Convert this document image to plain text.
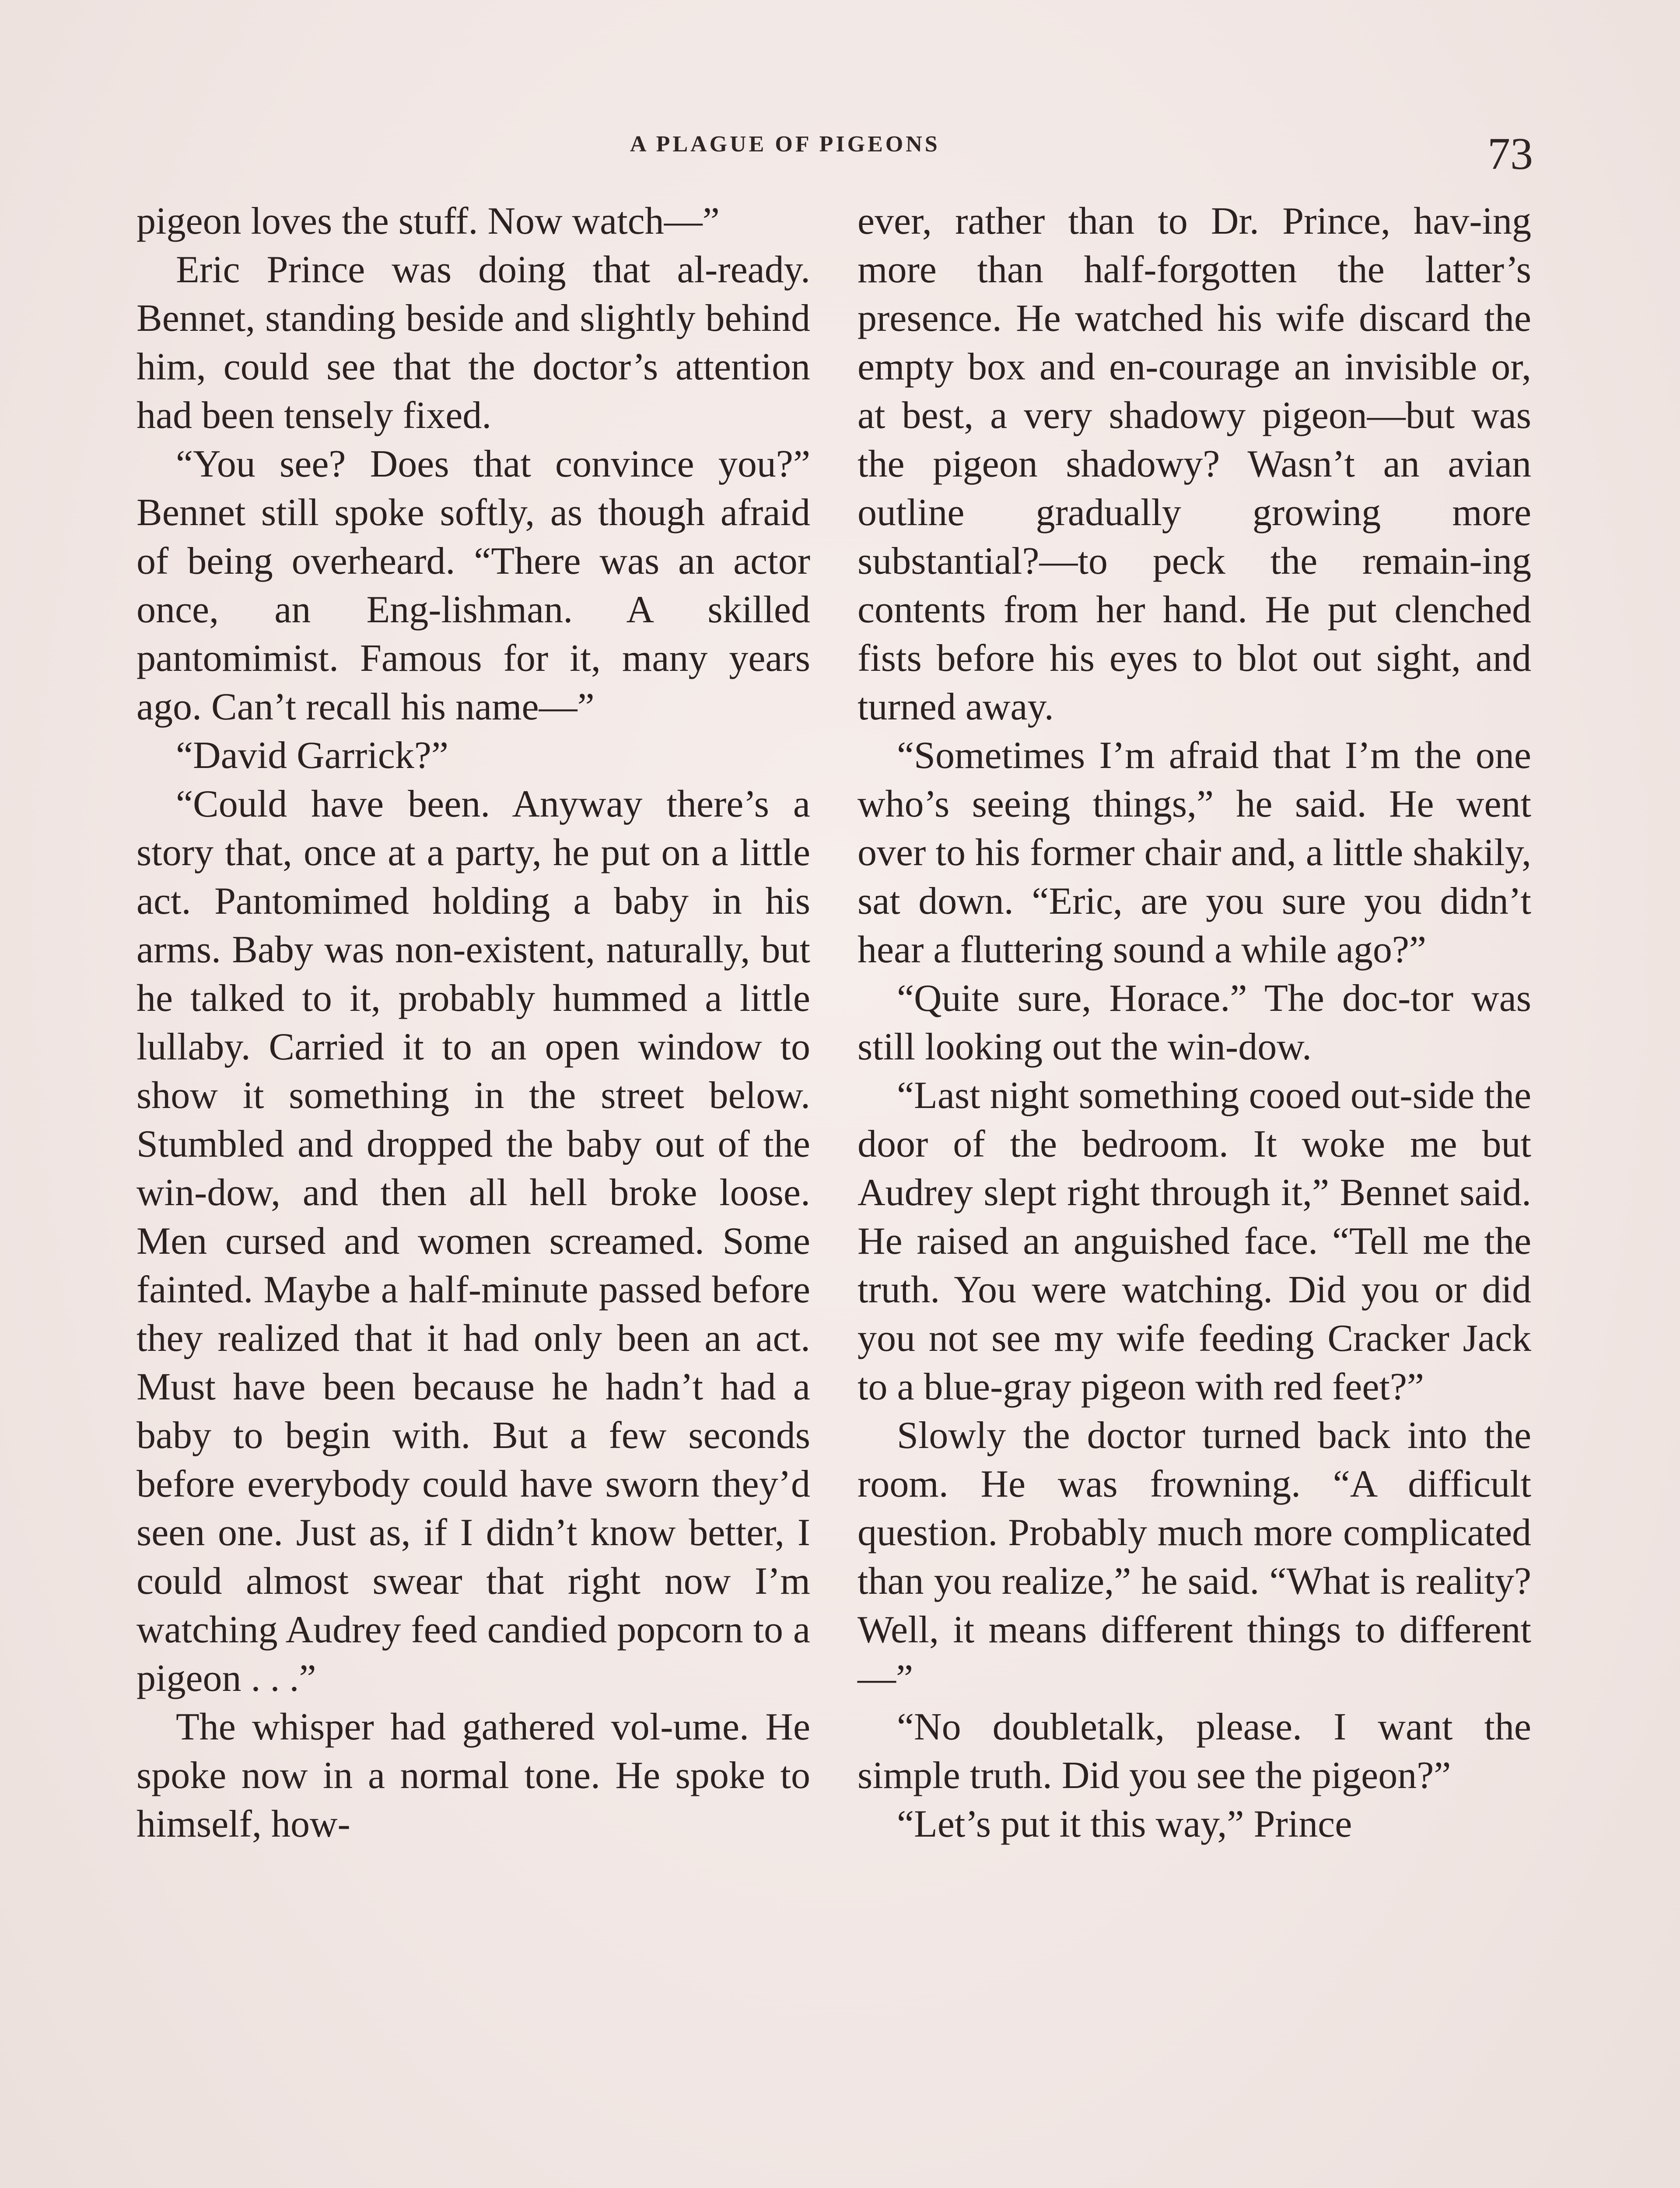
A PLAGUE OF PIGEONS	73

pigeon loves the stuff. Now watch—”

Eric Prince was doing that al-ready. Bennet, standing beside and slightly behind him, could see that the doctor’s attention had been tensely fixed.

“You see? Does that convince you?” Bennet still spoke softly, as though afraid of being overheard. “There was an actor once, an Eng-lishman. A skilled pantomimist. Famous for it, many years ago. Can’t recall his name—”

“David Garrick?”

“Could have been. Anyway there’s a story that, once at a party, he put on a little act. Pantomimed holding a baby in his arms. Baby was non-existent, naturally, but he talked to it, probably hummed a little lullaby. Carried it to an open window to show it something in the street below. Stumbled and dropped the baby out of the win-dow, and then all hell broke loose. Men cursed and women screamed. Some fainted. Maybe a half-minute passed before they realized that it had only been an act. Must have been because he hadn’t had a baby to begin with. But a few seconds before everybody could have sworn they’d seen one. Just as, if I didn’t know better, I could almost swear that right now I’m watching Audrey feed candied popcorn to a pigeon . . .”

The whisper had gathered vol-ume. He spoke now in a normal tone. He spoke to himself, how-

ever, rather than to Dr. Prince, hav-ing more than half-forgotten the latter’s presence. He watched his wife discard the empty box and en-courage an invisible or, at best, a very shadowy pigeon—but was the pigeon shadowy? Wasn’t an avian outline gradually growing more substantial?—to peck the remain-ing contents from her hand. He put clenched fists before his eyes to blot out sight, and turned away.

“Sometimes I’m afraid that I’m the one who’s seeing things,” he said. He went over to his former chair and, a little shakily, sat down. “Eric, are you sure you didn’t hear a fluttering sound a while ago?”

“Quite sure, Horace.” The doc-tor was still looking out the win-dow.

“Last night something cooed out-side the door of the bedroom. It woke me but Audrey slept right through it,” Bennet said. He raised an anguished face. “Tell me the truth. You were watching. Did you or did you not see my wife feeding Cracker Jack to a blue-gray pigeon with red feet?”

Slowly the doctor turned back into the room. He was frowning. “A difficult question. Probably much more complicated than you realize,” he said. “What is reality? Well, it means different things to different—”

“No doubletalk, please. I want the simple truth. Did you see the pigeon?”

“Let’s put it this way,” Prince
